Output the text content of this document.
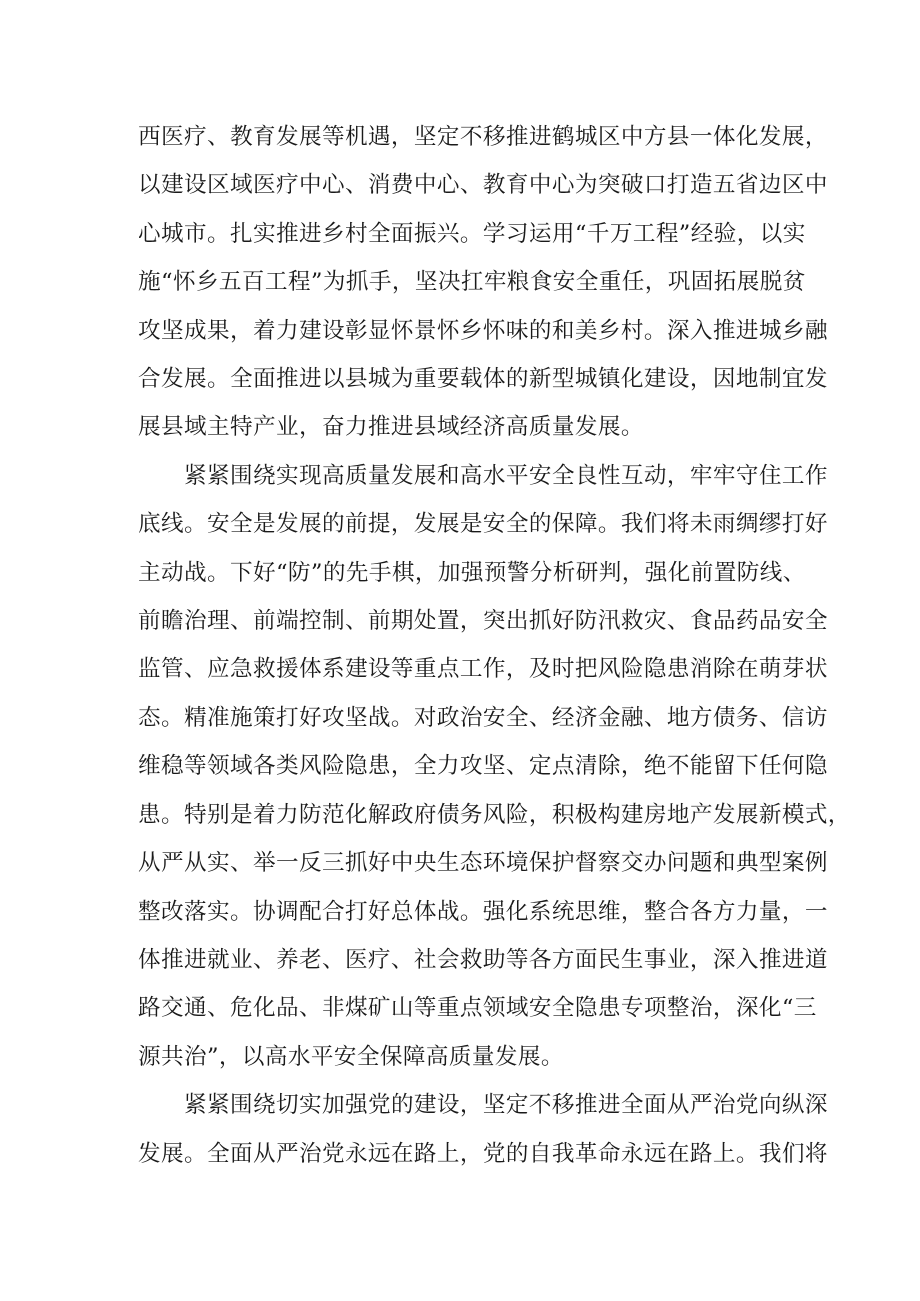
西医疗、教育发展等机遇，坚定不移推进鹤城区中方县一体化发展，
以建设区域医疗中心、消费中心、教育中心为突破口打造五省边区中
心城市。扎实推进乡村全面振兴。学习运用“千万工程”经验，以实
施“怀乡五百工程”为抓手，坚决扛牢粮食安全重任，巩固拓展脱贫
攻坚成果，着力建设彰显怀景怀乡怀味的和美乡村。深入推进城乡融
合发展。全面推进以县城为重要载体的新型城镇化建设，因地制宜发
展县域主特产业，奋力推进县域经济高质量发展。

紧紧围绕实现高质量发展和高水平安全良性互动，牢牢守住工作
底线。安全是发展的前提，发展是安全的保障。我们将未雨绸缪打好
主动战。下好“防”的先手棋，加强预警分析研判，强化前置防线、
前瞻治理、前端控制、前期处置，突出抓好防汛救灾、食品药品安全
监管、应急救援体系建设等重点工作，及时把风险隐患消除在萌芽状
态。精准施策打好攻坚战。对政治安全、经济金融、地方债务、信访
维稳等领域各类风险隐患，全力攻坚、定点清除，绝不能留下任何隐
患。特别是着力防范化解政府债务风险，积极构建房地产发展新模式，
从严从实、举一反三抓好中央生态环境保护督察交办问题和典型案例
整改落实。协调配合打好总体战。强化系统思维，整合各方力量，一
体推进就业、养老、医疗、社会救助等各方面民生事业，深入推进道
路交通、危化品、非煤矿山等重点领域安全隐患专项整治，深化“三
源共治”，以高水平安全保障高质量发展。

紧紧围绕切实加强党的建设，坚定不移推进全面从严治党向纵深
发展。全面从严治党永远在路上，党的自我革命永远在路上。我们将
